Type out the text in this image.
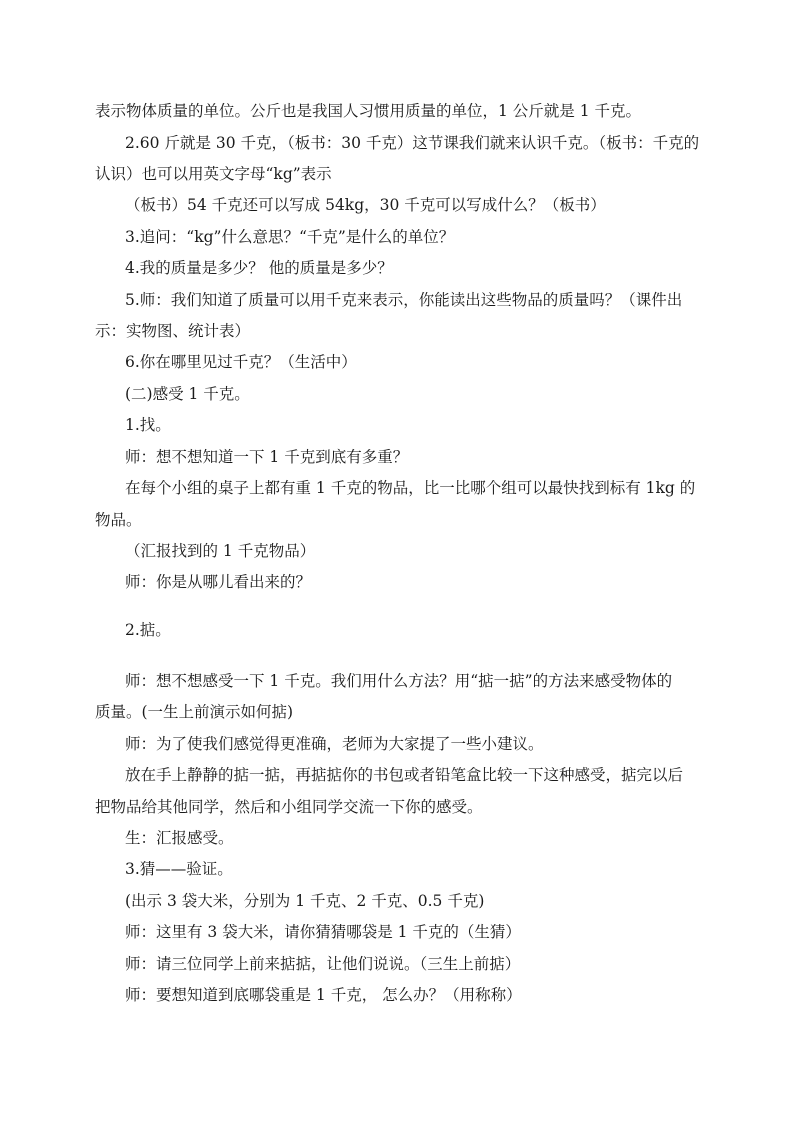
表示物体质量的单位。公斤也是我国人习惯用质量的单位，1 公斤就是 1 千克。
2.60 斤就是 30 千克，（板书：30 千克）这节课我们就来认识千克。（板书：千克的
认识）也可以用英文字母“kg”表示
（板书）54 千克还可以写成 54kg，30 千克可以写成什么？（板书）
3.追问：“kg”什么意思？“千克”是什么的单位？
4.我的质量是多少？ 他的质量是多少？
5.师：我们知道了质量可以用千克来表示，你能读出这些物品的质量吗？（课件出
示：实物图、统计表）
6.你在哪里见过千克？（生活中）
(二)感受 1 千克。
1.找。
师：想不想知道一下 1 千克到底有多重？
在每个小组的桌子上都有重 1 千克的物品，比一比哪个组可以最快找到标有 1kg 的
物品。
（汇报找到的 1 千克物品）
师：你是从哪儿看出来的？
2.掂。
师：想不想感受一下 1 千克。我们用什么方法？用“掂一掂”的方法来感受物体的
质量。(一生上前演示如何掂)
师：为了使我们感觉得更准确，老师为大家提了一些小建议。
放在手上静静的掂一掂，再掂掂你的书包或者铅笔盒比较一下这种感受，掂完以后
把物品给其他同学，然后和小组同学交流一下你的感受。
生：汇报感受。
3.猜——验证。
(出示 3 袋大米，分别为 1 千克、2 千克、0.5 千克)
师：这里有 3 袋大米，请你猜猜哪袋是 1 千克的（生猜）
师：请三位同学上前来掂掂，让他们说说。（三生上前掂）
师：要想知道到底哪袋重是 1 千克， 怎么办？（用称称）
